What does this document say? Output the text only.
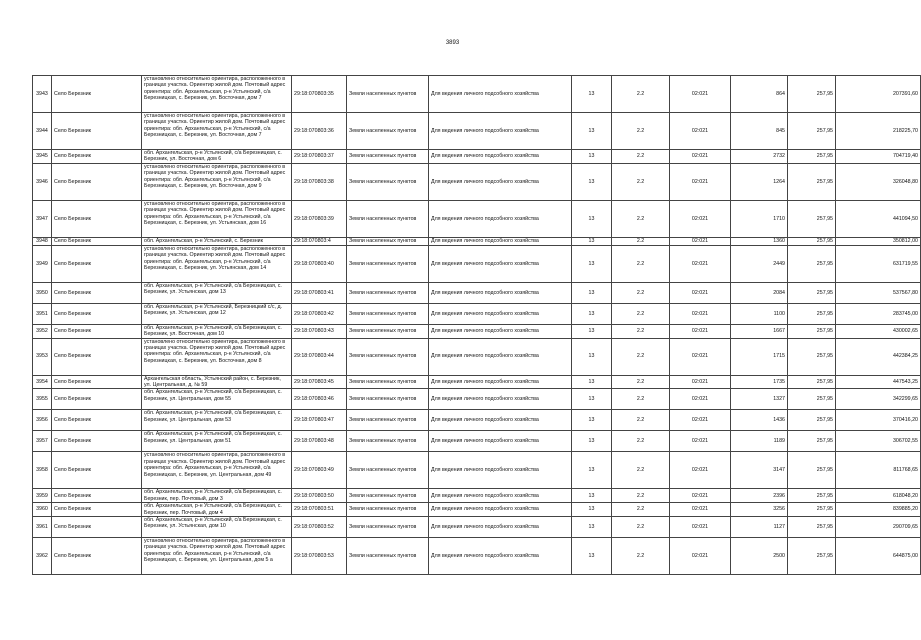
3893
3943	Село Березник	установлено относительно ориентира, расположенного в границах участка. Ориентир жилой дом. Почтовый адрес ориентира: обл. Архангельская, р-н Устьянский, с/а Березницкая, с. Березник, ул. Восточная, дом 7	29:18:070803:35	Земли населенных пунктов	Для ведения личного подсобного хозяйства	13	2.2	02:021	864	257,95	207391,60
3944	Село Березник	установлено относительно ориентира, расположенного в границах участка. Ориентир жилой дом. Почтовый адрес ориентира: обл. Архангельская, р-н Устьянский, с/а Березницкая, с. Березник, ул. Восточная, дом 7	29:18:070803:36	Земли населенных пунктов	Для ведения личного подсобного хозяйства	13	2.2	02:021	845	257,95	218225,70
3945	Село Березник	обл. Архангельская, р-н Устьянский, с/а Березницкая, с. Березник, ул. Восточная, дом 6	29:18:070803:37	Земли населенных пунктов	Для ведения личного подсобного хозяйства	13	2.2	02:021	2732	257,95	704719,40
3946	Село Березник	установлено относительно ориентира, расположенного в границах участка. Ориентир жилой дом. Почтовый адрес ориентира: обл. Архангельская, р-н Устьянский, с/а Березницкая, с. Березник, ул. Восточная, дом 9	29:18:070803:38	Земли населенных пунктов	Для ведения личного подсобного хозяйства	13	2.2	02:021	1264	257,95	326048,80
3947	Село Березник	установлено относительно ориентира, расположенного в границах участка. Ориентир жилой дом. Почтовый адрес ориентира: обл. Архангельская, р-н Устьянский, с/а Березницкая, с. Березник, ул. Устьянская, дом 16	29:18:070803:39	Земли населенных пунктов	Для ведения личного подсобного хозяйства	13	2.2	02:021	1710	257,95	441094,50
3948	Село Березник	обл. Архангельская, р-н Устьянский, с. Березник	29:18:070803:4	Земли населенных пунктов	Для ведения личного подсобного хозяйства	13	2.2	02:021	1360	257,95	350812,00
3949	Село Березник	установлено относительно ориентира, расположенного в границах участка. Ориентир жилой дом. Почтовый адрес ориентира: обл. Архангельская, р-н Устьянский, с/а Березницкая, с. Березник, ул. Устьянская, дом 14	29:18:070803:40	Земли населенных пунктов	Для ведения личного подсобного хозяйства	13	2.2	02:021	2449	257,95	631719,55
3950	Село Березник	обл. Архангельская, р-н Устьянский, с/а Березницкая, с. Березник, ул. Устьянская, дом 13	29:18:070803:41	Земли населенных пунктов	Для ведения личного подсобного хозяйства	13	2.2	02:021	2084	257,95	537567,80
3951	Село Березник	обл. Архангельская, р-н Устьянский, Березницкий с/с, д. Березник, ул. Устьянская, дом 12	29:18:070803:42	Земли населенных пунктов	Для ведения личного подсобного хозяйства	13	2.2	02:021	1100	257,95	283745,00
3952	Село Березник	обл. Архангельская, р-н Устьянский, с/а Березницкая, с. Березник, ул. Восточная, дом 10	29:18:070803:43	Земли населенных пунктов	Для ведения личного подсобного хозяйства	13	2.2	02:021	1667	257,95	430002,65
3953	Село Березник	установлено относительно ориентира, расположенного в границах участка. Ориентир жилой дом. Почтовый адрес ориентира: обл. Архангельская, р-н Устьянский, с/а Березницкая, с. Березник, ул. Восточная, дом 8	29:18:070803:44	Земли населенных пунктов	Для ведения личного подсобного хозяйства	13	2.2	02:021	1715	257,95	442384,25
3954	Село Березник	Архангельская область, Устьянский район, с. Березник, ул. Центральная, д. № 59	29:18:070803:45	Земли населенных пунктов	Для ведения личного подсобного хозяйства	13	2.2	02:021	1735	257,95	447543,25
3955	Село Березник	обл. Архангельская, р-н Устьянский, с/а Березницкая, с. Березник, ул. Центральная, дом 55	29:18:070803:46	Земли населенных пунктов	Для ведения личного подсобного хозяйства	13	2.2	02:021	1327	257,95	342299,65
3956	Село Березник	обл. Архангельская, р-н Устьянский, с/а Березницкая, с. Березник, ул. Центральная, дом 53	29:18:070803:47	Земли населенных пунктов	Для ведения личного подсобного хозяйства	13	2.2	02:021	1436	257,95	370416,20
3957	Село Березник	обл. Архангельская, р-н Устьянский, с/а Березницкая, с. Березник, ул. Центральная, дом 51	29:18:070803:48	Земли населенных пунктов	Для ведения личного подсобного хозяйства	13	2.2	02:021	1189	257,95	306702,55
3958	Село Березник	установлено относительно ориентира, расположенного в границах участка. Ориентир жилой дом. Почтовый адрес ориентира: обл. Архангельская, р-н Устьянский, с/а Березницкая, с. Березник, ул. Центральная, дом 49	29:18:070803:49	Земли населенных пунктов	Для ведения личного подсобного хозяйства	13	2.2	02:021	3147	257,95	811768,65
3959	Село Березник	обл. Архангельская, р-н Устьянский, с/а Березницкая, с. Березник, пер. Почтовый, дом 3	29:18:070803:50	Земли населенных пунктов	Для ведения личного подсобного хозяйства	13	2.2	02:021	2396	257,95	618048,20
3960	Село Березник	обл. Архангельская, р-н Устьянский, с/а Березницкая, с. Березник, пер. Почтовый, дом 4	29:18:070803:51	Земли населенных пунктов	Для ведения личного подсобного хозяйства	13	2.2	02:021	3256	257,95	839885,20
3961	Село Березник	обл. Архангельская, р-н Устьянский, с/а Березницкая, с. Березник, ул. Устьянская, дом 10	29:18:070803:52	Земли населенных пунктов	Для ведения личного подсобного хозяйства	13	2.2	02:021	1127	257,95	290709,65
3962	Село Березник	установлено относительно ориентира, расположенного в границах участка. Ориентир жилой дом. Почтовый адрес ориентира: обл. Архангельская, р-н Устьянский, с/а Березницкая, с. Березник, ул. Центральная, дом 5 а	29:18:070803:53	Земли населенных пунктов	Для ведения личного подсобного хозяйства	13	2.2	02:021	2500	257,95	644875,00
